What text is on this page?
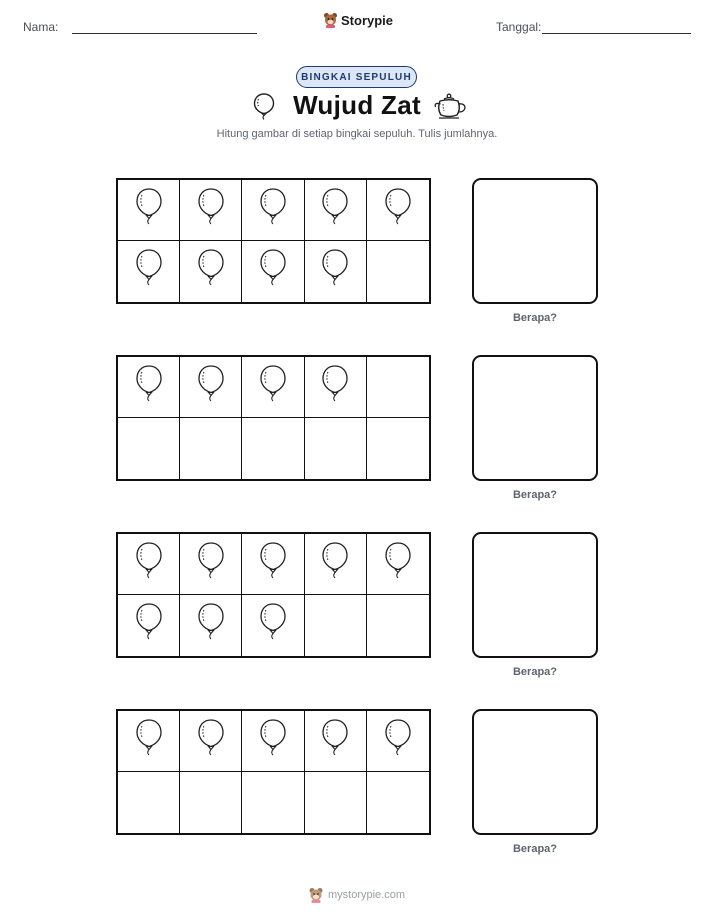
Nama:	Storypie	Tanggal:
BINGKAI SEPULUH
Wujud Zat
Hitung gambar di setiap bingkai sepuluh. Tulis jumlahnya.
Berapa?
Berapa?
Berapa?
Berapa?
mystorypie.com
